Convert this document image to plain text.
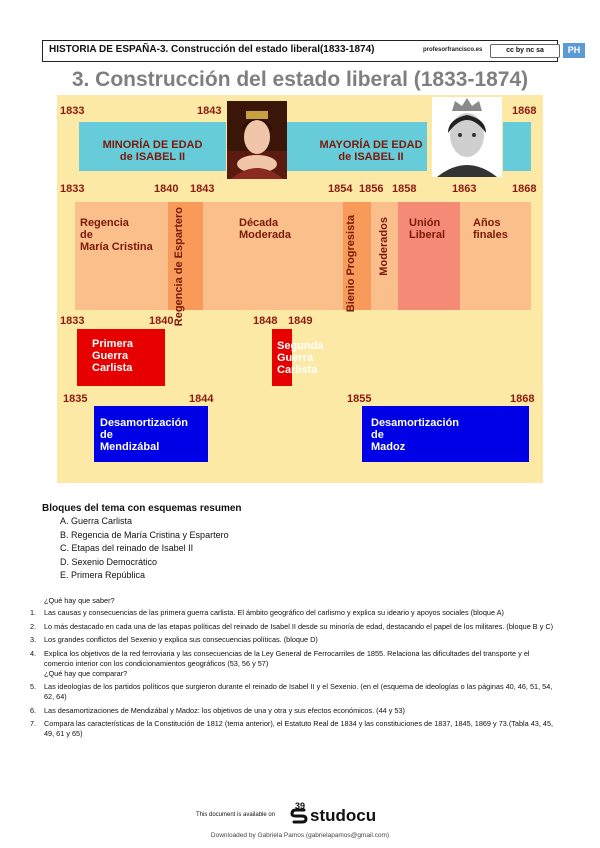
HISTORIA DE ESPAÑA-3. Construcción del estado liberal(1833-1874)	profesorfrancisco.es	cc by nc sa	PH
3. Construcción del estado liberal (1833-1874)
1833	1843	1868
MINORÍA DE EDAD
de ISABEL II
MAYORÍA DE EDAD
de ISABEL II
1833	1840 1843	1854 1856 1858	1863	1868
Regencia
de
María Cristina Regencia de Espartero	Década
Moderada	Bienio Progresista Moderados Unión
Liberal
Años
finales
1833	1840	1848 1849
Primera
Guerra
Carlista
Segunda
Guerra
Carlista
1835	1844	1855	1868
Desamortización
de
Mendizábal
Desamortización
de
Madoz
Bloques del tema con esquemas resumen
A. Guerra Carlista
B. Regencia de María Cristina y Espartero
C. Etapas del reinado de Isabel II
D. Sexenio Democrático
E. Primera República
¿Qué hay que saber?
1. Las causas y consecuencias de las primera guerra carlista. El ámbito geográfico del carlismo y explica su ideario y apoyos sociales (bloque A)
2. Lo más destacado en cada una de las etapas políticas del reinado de Isabel II desde su minoría de edad, destacando el papel de los militares. (bloque B y C)
3. Los grandes conflictos del Sexenio y explica sus consecuencias políticas. (bloque D)
4. Explica los objetivos de la red ferroviaria y las consecuencias de la Ley General de Ferrocarriles de 1855. Relaciona las dificultades del transporte y el comercio interior con los condicionamientos geográficos (53, 56 y 57)
¿Qué hay que comparar?
5. Las ideologías de los partidos políticos que surgieron durante el reinado de Isabel II y el Sexenio. (en el (esquema de ideologías o las páginas 40, 46, 51, 54, 62, 64)
6. Las desamortizaciones de Mendizábal y Madoz: los objetivos de una y otra y sus efectos económicos. (44 y 53)
7. Compara las características de la Constitución de 1812 (tema anterior), el Estatuto Real de 1834 y las constituciones de 1837, 1845, 1869 y 73.(Tabla 43, 45, 49, 61 y 65)
39
This document is available on studocu
Downloaded by Gabriela Pamos (gabrielapamos@gmail.com)
